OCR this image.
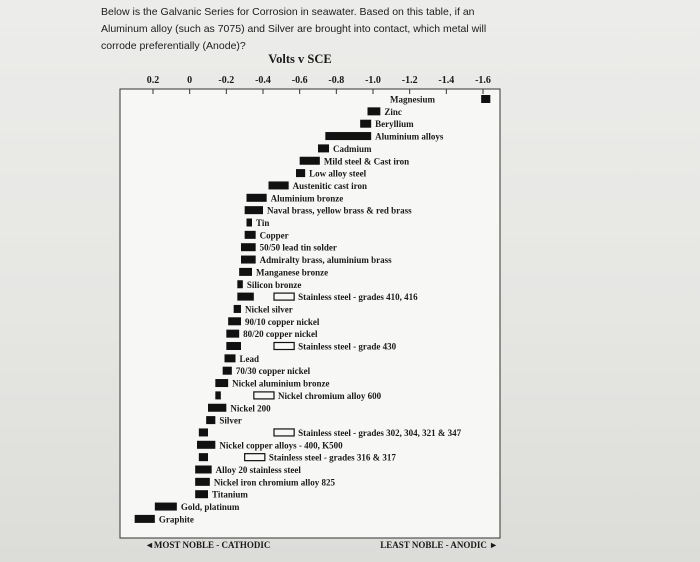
Below is the Galvanic Series for Corrosion in seawater. Based on this table, if an Aluminum alloy (such as 7075) and Silver are brought into contact, which metal will corrode preferentially (Anode)?
0.2	0	-0.2 -0.4 -0.6 -0.8 -1.0 -1.2 -1.4 -1.6
Volts v SCE
Magnesium
Zinc
Beryllium
Aluminium alloys
Cadmium
Mild steel & Cast iron
Low alloy steel
Austenitic cast iron
Aluminium bronze
Naval brass, yellow brass & red brass
Tin
Copper
50/50 lead tin solder
Admiralty brass, aluminium brass
Manganese bronze
Silicon bronze
Stainless steel - grades 410, 416
Nickel silver
90/10 copper nickel
80/20 copper nickel
Stainless steel - grade 430
Lead
70/30 copper nickel
Nickel aluminium bronze
Nickel chromium alloy 600
Nickel 200
Silver
Stainless steel - grades 302, 304, 321 & 347
Nickel copper alloys - 400, K500
Stainless steel - grades 316 & 317
Alloy 20 stainless steel
Nickel iron chromium alloy 825
Titanium
Gold, platinum
Graphite
◄MOST NOBLE - CATHODIC	LEAST NOBLE - ANODIC ►
